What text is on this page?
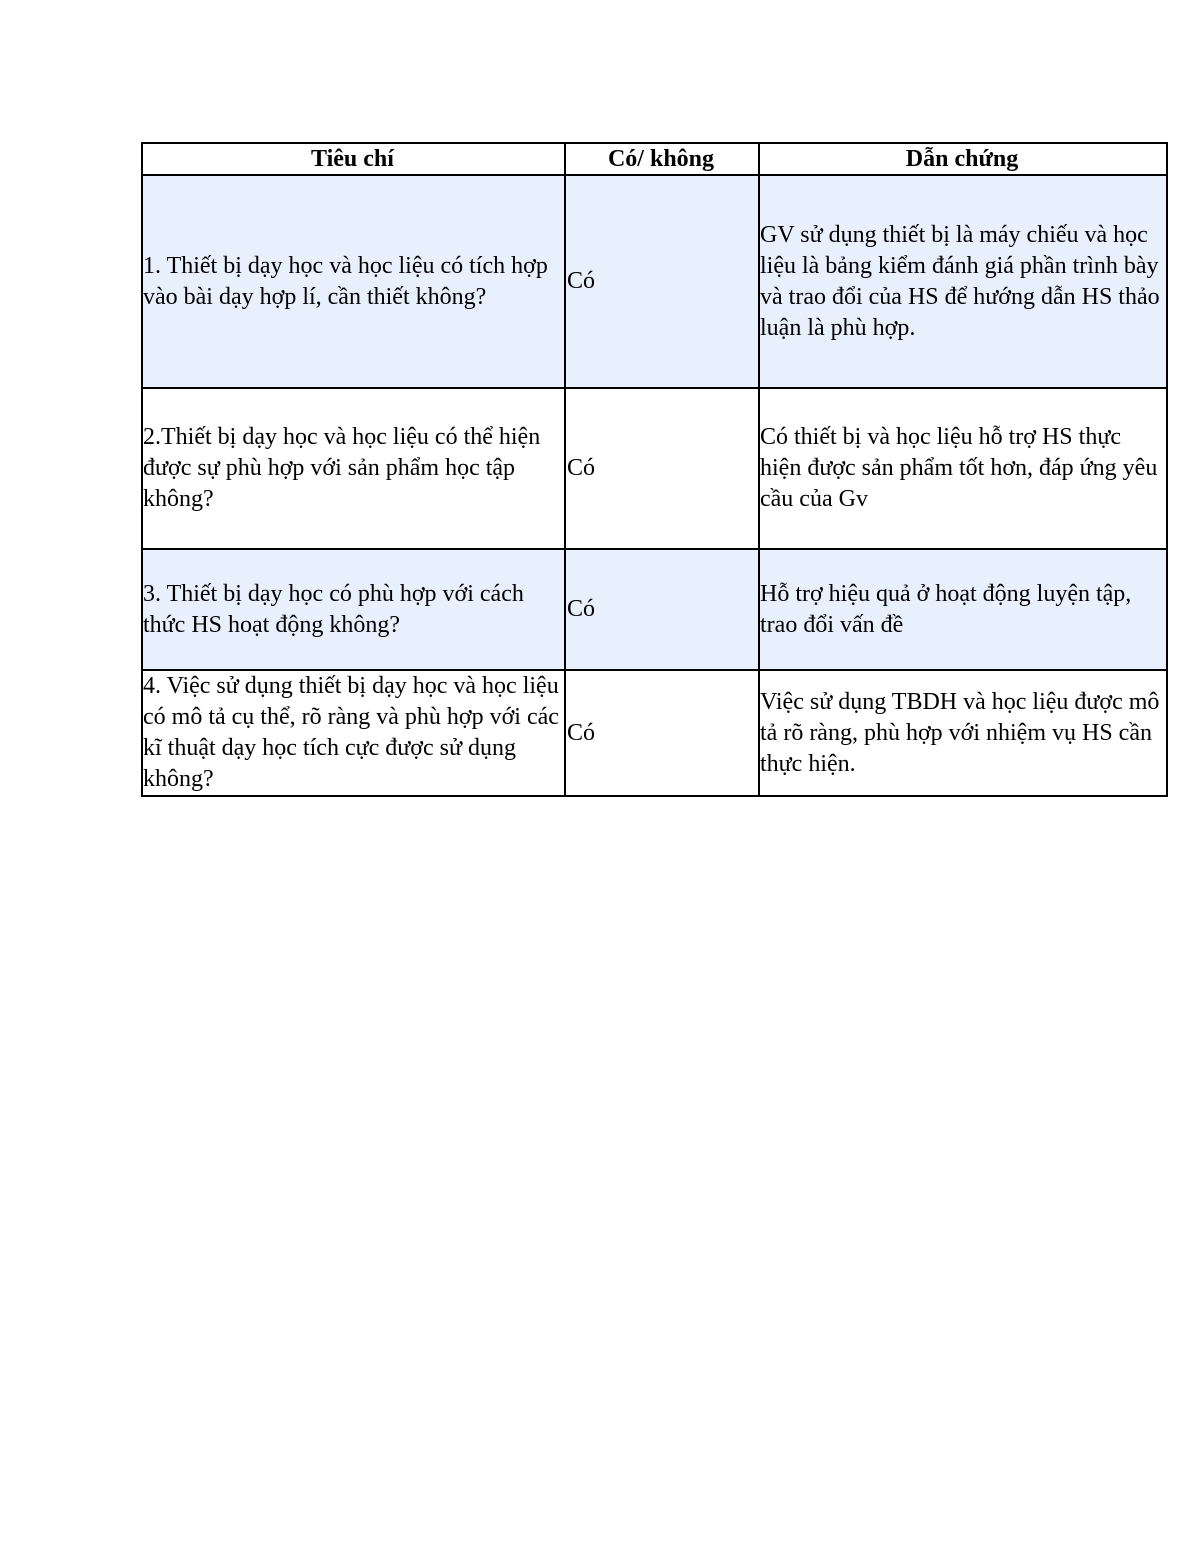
Tiêu chí	Có/ không	Dẫn chứng
1. Thiết bị dạy học và học liệu có tích hợp vào bài dạy hợp lí, cần thiết không?	Có	GV sử dụng thiết bị là máy chiếu và học liệu là bảng kiểm đánh giá phần trình bày và trao đổi của HS để hướng dẫn HS thảo luận là phù hợp.
2.Thiết bị dạy học và học liệu có thể hiện được sự phù hợp với sản phẩm học tập không?	Có	Có thiết bị và học liệu hỗ trợ HS thực hiện được sản phẩm tốt hơn, đáp ứng yêu cầu của Gv
3. Thiết bị dạy học có phù hợp với cách thức HS hoạt động không?	Có	Hỗ trợ hiệu quả ở hoạt động luyện tập, trao đổi vấn đề
4. Việc sử dụng thiết bị dạy học và học liệu có mô tả cụ thể, rõ ràng và phù hợp với các kĩ thuật dạy học tích cực được sử dụng không?	Có	Việc sử dụng TBDH và học liệu được mô tả rõ ràng, phù hợp với nhiệm vụ HS cần thực hiện.
